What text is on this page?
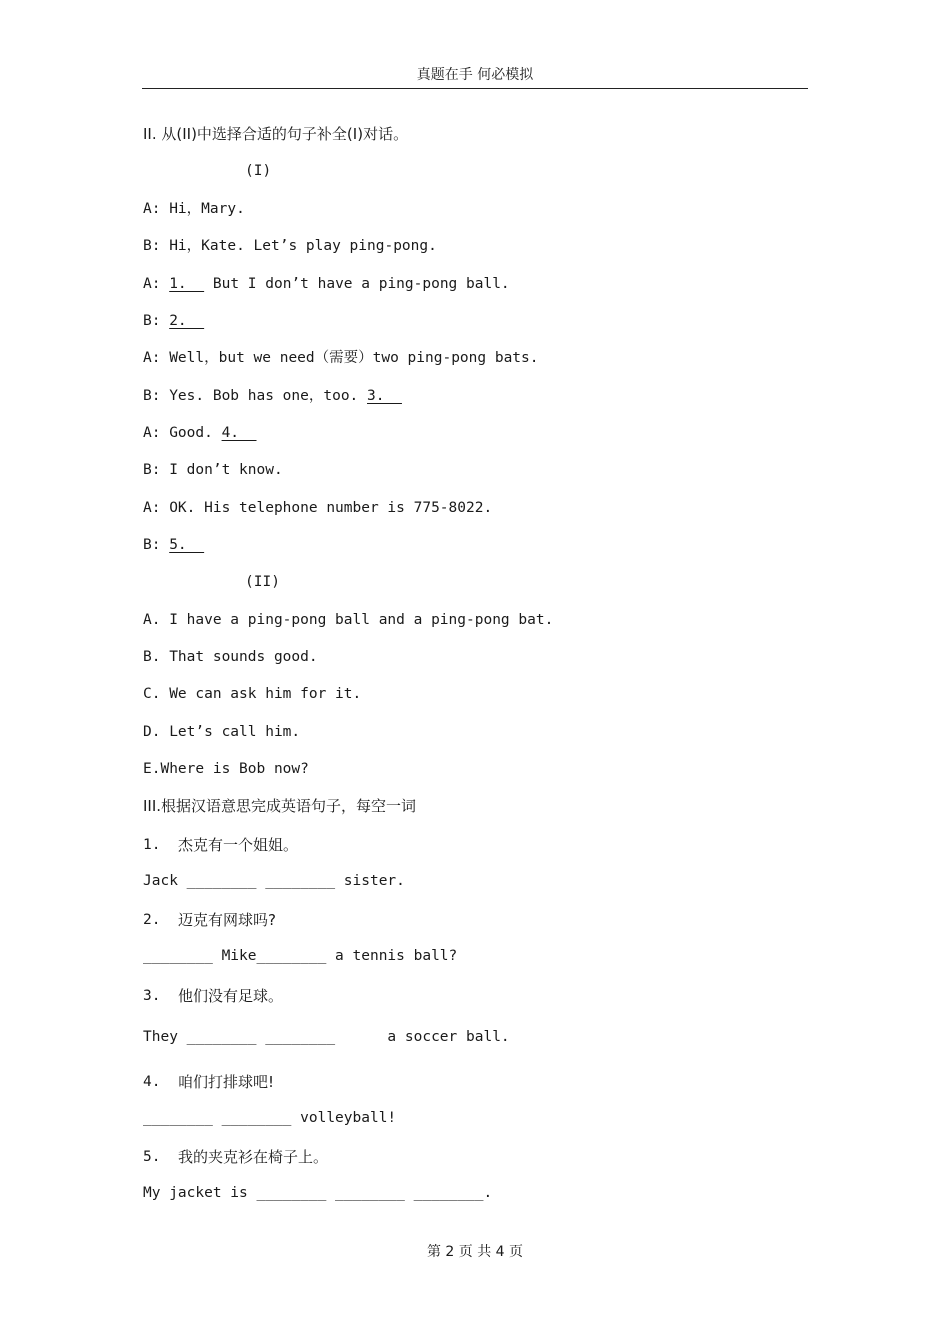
真题在手 何必模拟
II. 从(II)中选择合适的句子补全(I)对话。
(I)
A: Hi，Mary.
B: Hi，Kate. Let’s play ping-pong.
A: 1.   But I don’t have a ping-pong ball.
B: 2.
A: Well，but we need（需要）two ping-pong bats.
B: Yes. Bob has one，too. 3.
A: Good. 4.
B: I don’t know.
A: OK. His telephone number is 775-8022.
B: 5.
(II)
A. I have a ping-pong ball and a ping-pong bat.
B. That sounds good.
C. We can ask him for it.
D. Let’s call him.
E.Where is Bob now?
III.根据汉语意思完成英语句子，每空一词
1. 杰克有一个姐姐。
Jack ________ ________ sister.
2. 迈克有网球吗?
________ Mike________ a tennis ball?
3. 他们没有足球。
They ________ ________      a soccer ball.
4. 咱们打排球吧!
________ ________ volleyball!
5. 我的夹克衫在椅子上。
My jacket is ________ ________ ________.
第 2 页 共 4 页
